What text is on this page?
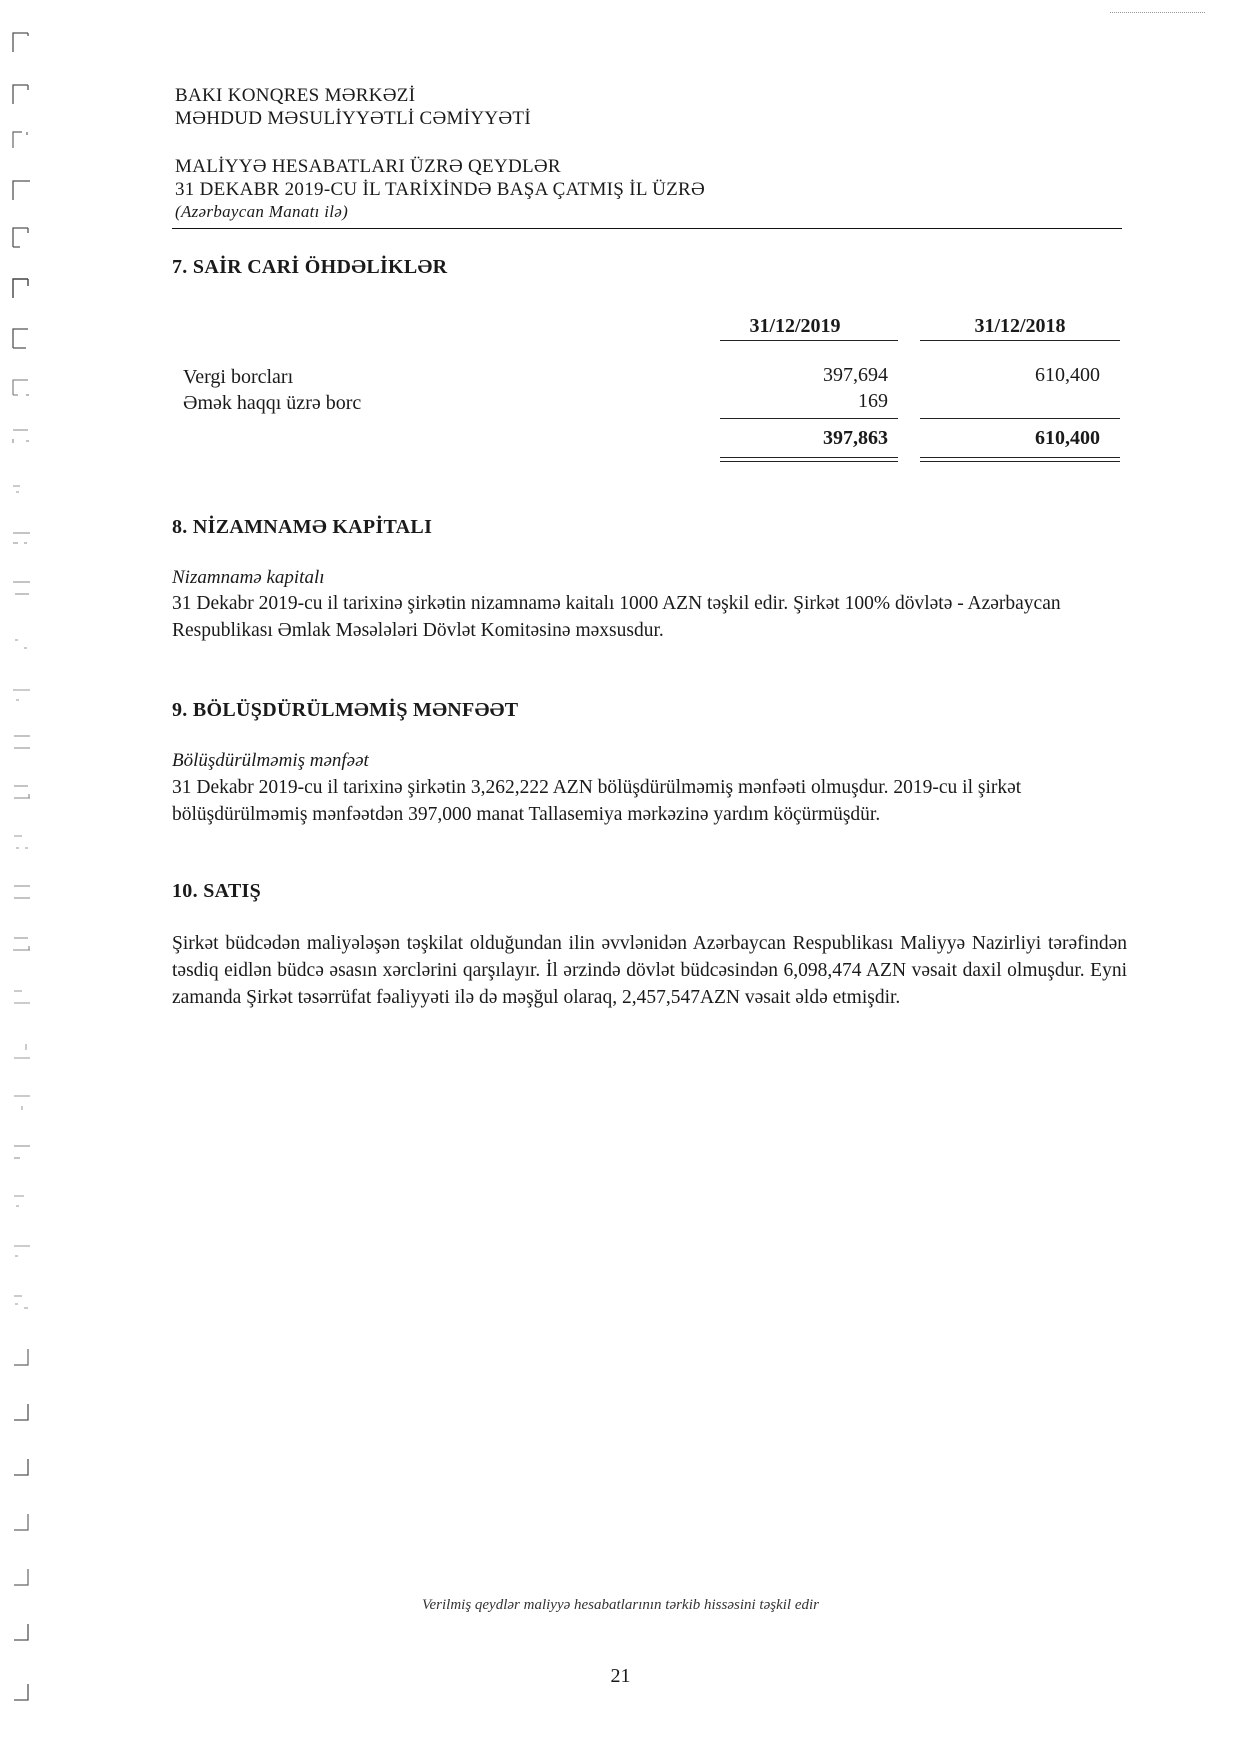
BAKI KONQRES MƏRKƏZİ
MƏHDUD MƏSULİYYƏTLİ CƏMİYYƏTİ
MALİYYƏ HESABATLARI ÜZRƏ QEYDLƏR
31 DEKABR 2019-CU İL TARİXİNDƏ BAŞA ÇATMIŞ İL ÜZRƏ
(Azərbaycan Manatı ilə)
7. SAİR CARİ ÖHDƏLİKLƏR
31/12/2019	31/12/2018
Vergi borcları	397,694	610,400
Əmək haqqı üzrə borc	169
397,863	610,400
8. NİZAMNAMƏ KAPİTALI
Nizamnamə kapitalı
31 Dekabr 2019-cu il tarixinə şirkətin nizamnamə kaitalı 1000 AZN təşkil edir. Şirkət 100% dövlətə - Azərbaycan Respublikası Əmlak Məsələləri Dövlət Komitəsinə məxsusdur.
9. BÖLÜŞDÜRÜLMƏMİŞ MƏNFƏƏT
Bölüşdürülməmiş mənfəət
31 Dekabr 2019-cu il tarixinə şirkətin 3,262,222 AZN bölüşdürülməmiş mənfəəti olmuşdur. 2019-cu il şirkət bölüşdürülməmiş mənfəətdən 397,000 manat Tallasemiya mərkəzinə yardım köçürmüşdür.
10. SATIŞ
Şirkət büdcədən maliyələşən təşkilat olduğundan ilin əvvlənidən Azərbaycan Respublikası Maliyyə Nazirliyi tərəfindən təsdiq eidlən büdcə əsasın xərclərini qarşılayır. İl ərzində dövlət büdcəsindən 6,098,474 AZN vəsait daxil olmuşdur. Eyni zamanda Şirkət təsərrüfat fəaliyyəti ilə də məşğul olaraq, 2,457,547AZN vəsait əldə etmişdir.
Verilmiş qeydlər maliyyə hesabatlarının tərkib hissəsini təşkil edir
21
